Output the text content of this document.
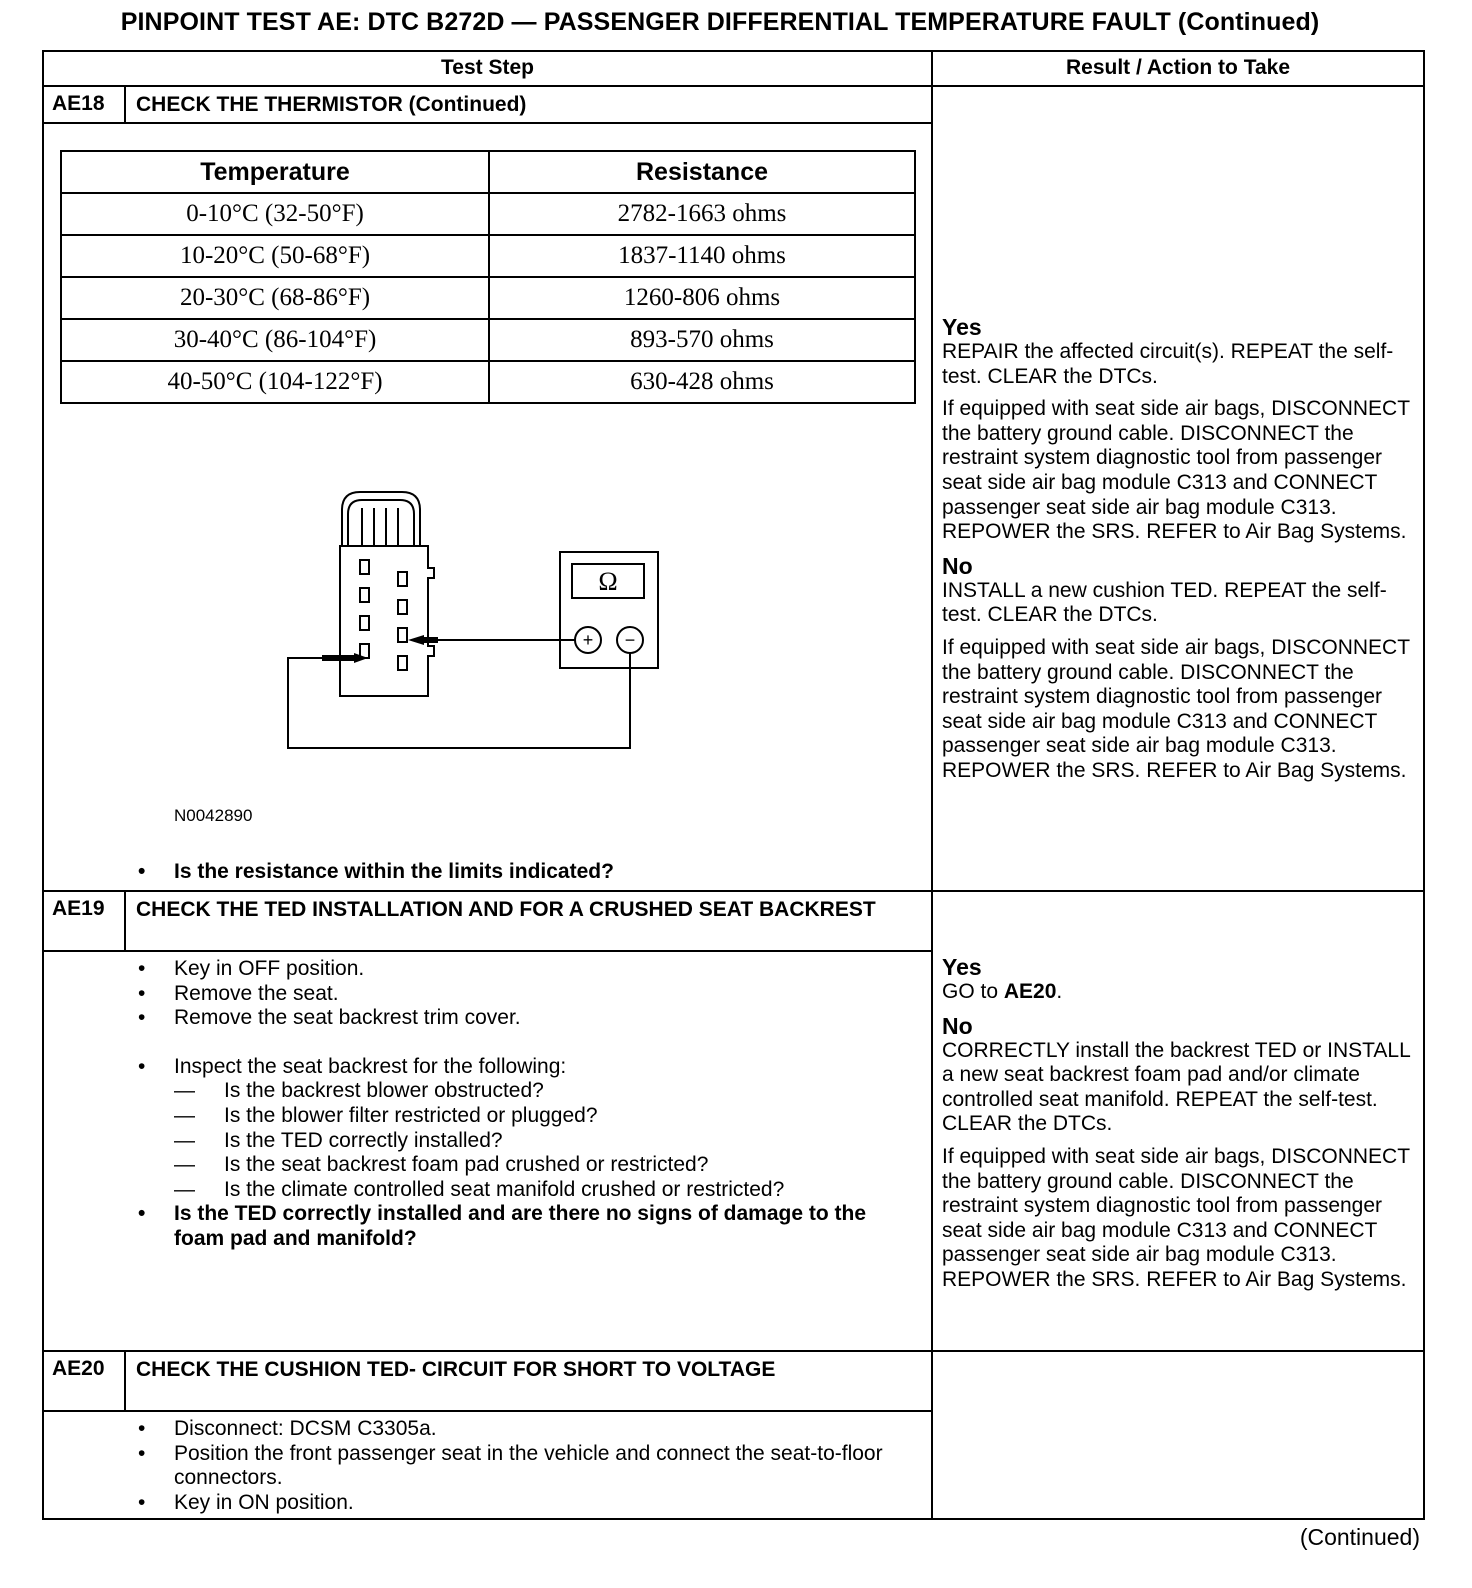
PINPOINT TEST AE: DTC B272D — PASSENGER DIFFERENTIAL TEMPERATURE FAULT (Continued)
Test Step	Result / Action to Take
AE18 CHECK THE THERMISTOR (Continued)
Temperature	Resistance
0-10°C (32-50°F)	2782-1663 ohms
10-20°C (50-68°F)	1837-1140 ohms
20-30°C (68-86°F)	1260-806 ohms
30-40°C (86-104°F)	893-570 ohms
40-50°C (104-122°F)	630-428 ohms
Ω
+ −
N0042890
• Is the resistance within the limits indicated?
Yes

REPAIR the affected circuit(s). REPEAT the self-test. CLEAR the DTCs.

If equipped with seat side air bags, DISCONNECT the battery ground cable. DISCONNECT the restraint system diagnostic tool from passenger seat side air bag module C313 and CONNECT passenger seat side air bag module C313. REPOWER the SRS. REFER to Air Bag Systems.

No

INSTALL a new cushion TED. REPEAT the self-test. CLEAR the DTCs.

If equipped with seat side air bags, DISCONNECT the battery ground cable. DISCONNECT the restraint system diagnostic tool from passenger seat side air bag module C313 and CONNECT passenger seat side air bag module C313. REPOWER the SRS. REFER to Air Bag Systems.

AE19 CHECK THE TED INSTALLATION AND FOR A CRUSHED SEAT BACKREST
• Key in OFF position.
• Remove the seat.
• Remove the seat backrest trim cover.
• Inspect the seat backrest for the following:
— Is the backrest blower obstructed?
— Is the blower filter restricted or plugged?
— Is the TED correctly installed?
— Is the seat backrest foam pad crushed or restricted?
— Is the climate controlled seat manifold crushed or restricted?
• Is the TED correctly installed and are there no signs of damage to the foam pad and manifold?
Yes

GO to AE20.

No

CORRECTLY install the backrest TED or INSTALL a new seat backrest foam pad and/or climate controlled seat manifold. REPEAT the self-test. CLEAR the DTCs.

If equipped with seat side air bags, DISCONNECT the battery ground cable. DISCONNECT the restraint system diagnostic tool from passenger seat side air bag module C313 and CONNECT passenger seat side air bag module C313. REPOWER the SRS. REFER to Air Bag Systems.

AE20 CHECK THE CUSHION TED- CIRCUIT FOR SHORT TO VOLTAGE
• Disconnect: DCSM C3305a.
• Position the front passenger seat in the vehicle and connect the seat-to-floor connectors.
• Key in ON position.
(Continued)
